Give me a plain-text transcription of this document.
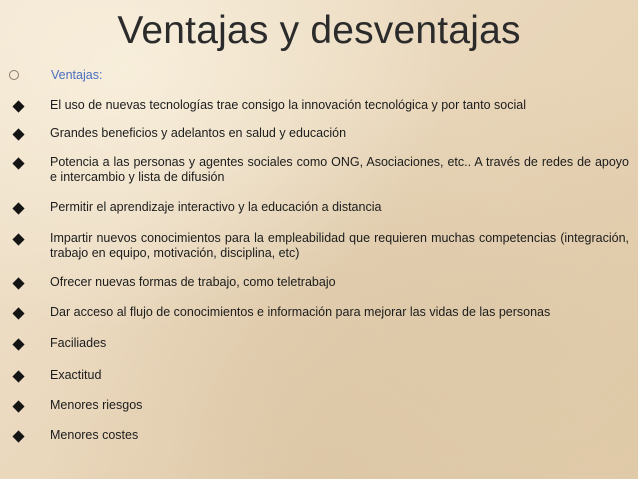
Ventajas y desventajas
Ventajas:
El uso de nuevas tecnologías trae consigo la innovación tecnológica y por tanto social
Grandes beneficios y adelantos en salud y educación
Potencia a las personas y agentes sociales como ONG, Asociaciones, etc.. A través de redes de apoyo e intercambio y lista de difusión
Permitir el aprendizaje interactivo y la educación a distancia
Impartir nuevos conocimientos para la empleabilidad que requieren muchas competencias (integración, trabajo en equipo, motivación, disciplina, etc)
Ofrecer nuevas formas de trabajo, como teletrabajo
Dar acceso al flujo de conocimientos e información para mejorar las vidas de las personas
Faciliades
Exactitud
Menores riesgos
Menores costes
